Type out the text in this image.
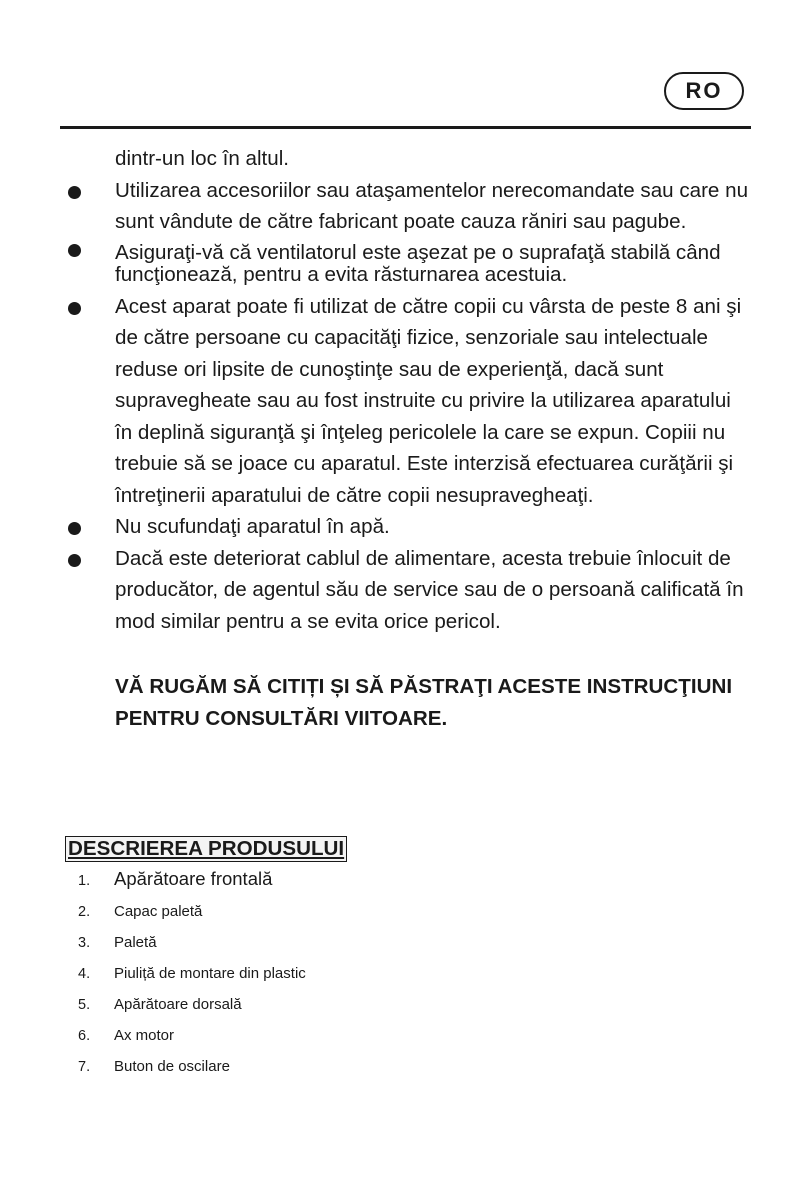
RO

dintr-un loc în altul.

Utilizarea accesoriilor sau ataşamentelor nerecomandate sau care nu sunt vândute de către fabricant poate cauza răniri sau pagube.
Asiguraţi-vă că ventilatorul este aşezat pe o suprafaţă stabilă când funcţionează, pentru a evita răsturnarea acestuia.
Acest aparat poate fi utilizat de către copii cu vârsta de peste 8 ani şi de către persoane cu capacităţi fizice, senzoriale sau intelectuale reduse ori lipsite de cunoştinţe sau de experienţă, dacă sunt supravegheate sau au fost instruite cu privire la utilizarea aparatului în deplină siguranţă şi înţeleg pericolele la care se expun. Copiii nu trebuie să se joace cu aparatul. Este interzisă efectuarea curăţării şi întreţinerii aparatului de către copii nesupravegheaţi.
Nu scufundaţi aparatul în apă.
Dacă este deteriorat cablul de alimentare, acesta trebuie înlocuit de producător, de agentul său de service sau de o persoană calificată în mod similar pentru a se evita orice pericol.
VĂ RUGĂM SĂ CITIȚI ȘI SĂ PĂSTRAŢI ACESTE INSTRUCŢIUNI PENTRU CONSULTĂRI VIITOARE.
DESCRIEREA PRODUSULUI
1. Apărătoare frontală
2. Capac paletă
3. Paletă
4. Piuliță de montare din plastic
5. Apărătoare dorsală
6. Ax motor
7. Buton de oscilare
